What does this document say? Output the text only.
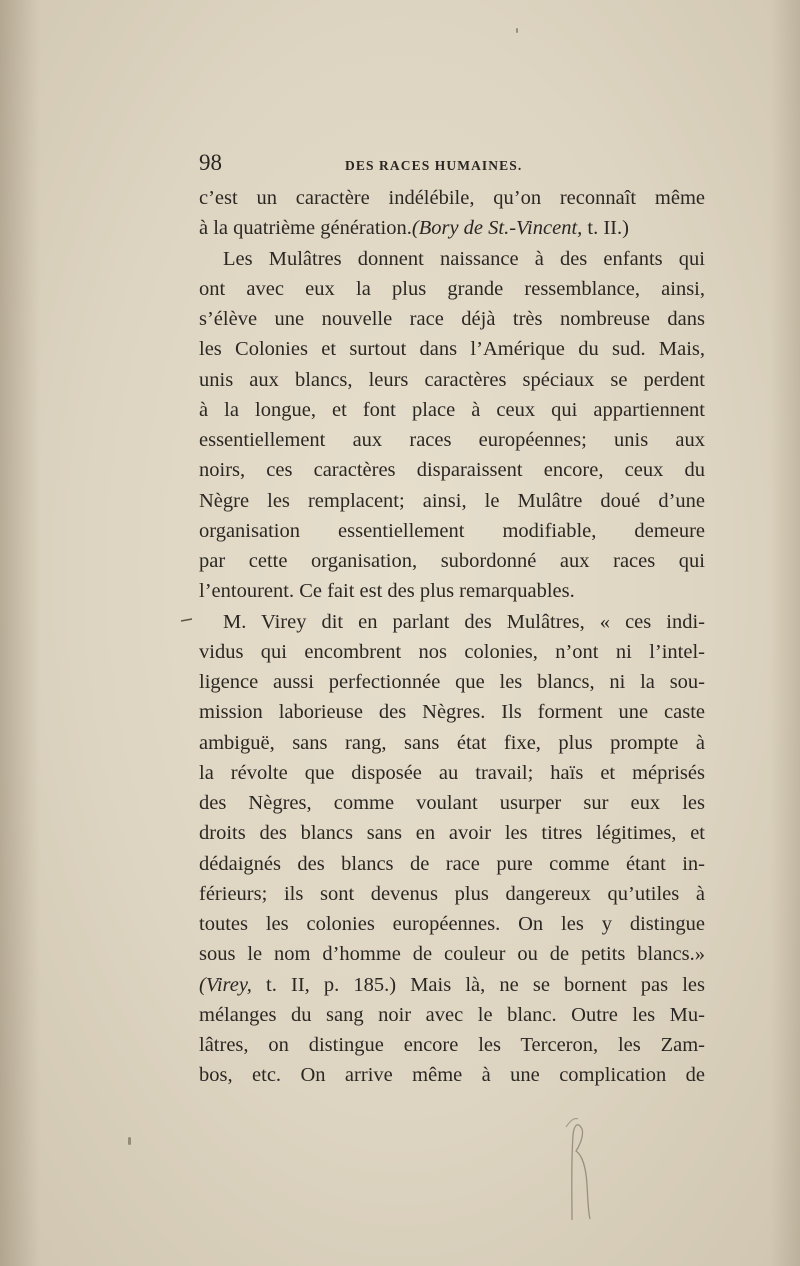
98	DES RACES HUMAINES.
c’est un caractère indélébile, qu’on reconnaît même
à la quatrième génération.(Bory de St.-Vincent, t. II.)
Les Mulâtres donnent naissance à des enfants qui
ont avec eux la plus grande ressemblance, ainsi,
s’élève une nouvelle race déjà très nombreuse dans
les Colonies et surtout dans l’Amérique du sud. Mais,
unis aux blancs, leurs caractères spéciaux se perdent
à la longue, et font place à ceux qui appartiennent
essentiellement aux races européennes; unis aux
noirs, ces caractères disparaissent encore, ceux du
Nègre les remplacent; ainsi, le Mulâtre doué d’une
organisation essentiellement modifiable, demeure
par cette organisation, subordonné aux races qui
l’entourent. Ce fait est des plus remarquables.
M. Virey dit en parlant des Mulâtres, « ces indi-
vidus qui encombrent nos colonies, n’ont ni l’intel-
ligence aussi perfectionnée que les blancs, ni la sou-
mission laborieuse des Nègres. Ils forment une caste
ambiguë, sans rang, sans état fixe, plus prompte à
la révolte que disposée au travail; haïs et méprisés
des Nègres, comme voulant usurper sur eux les
droits des blancs sans en avoir les titres légitimes, et
dédaignés des blancs de race pure comme étant in-
férieurs; ils sont devenus plus dangereux qu’utiles à
toutes les colonies européennes. On les y distingue
sous le nom d’homme de couleur ou de petits blancs.»
(Virey, t. II, p. 185.) Mais là, ne se bornent pas les
mélanges du sang noir avec le blanc. Outre les Mu-
lâtres, on distingue encore les Terceron, les Zam-
bos, etc. On arrive même à une complication de
